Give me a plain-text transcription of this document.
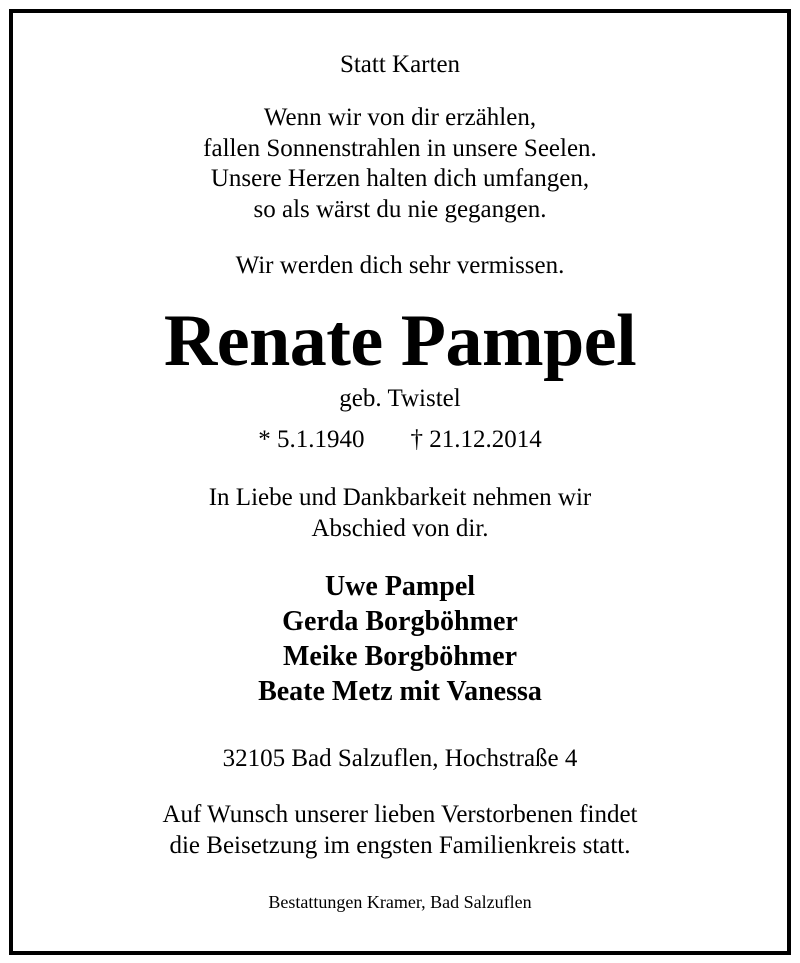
Statt Karten

Wenn wir von dir erzählen,
fallen Sonnenstrahlen in unsere Seelen.
Unsere Herzen halten dich umfangen,
so als wärst du nie gegangen.

Wir werden dich sehr vermissen.

Renate Pampel

geb. Twistel

* 5.1.1940 † 21.12.2014

In Liebe und Dankbarkeit nehmen wir
Abschied von dir.
Uwe Pampel
Gerda Borgböhmer
Meike Borgböhmer
Beate Metz mit Vanessa

32105 Bad Salzuflen, Hochstraße 4

Auf Wunsch unserer lieben Verstorbenen findet
die Beisetzung im engsten Familienkreis statt.

Bestattungen Kramer, Bad Salzuflen
